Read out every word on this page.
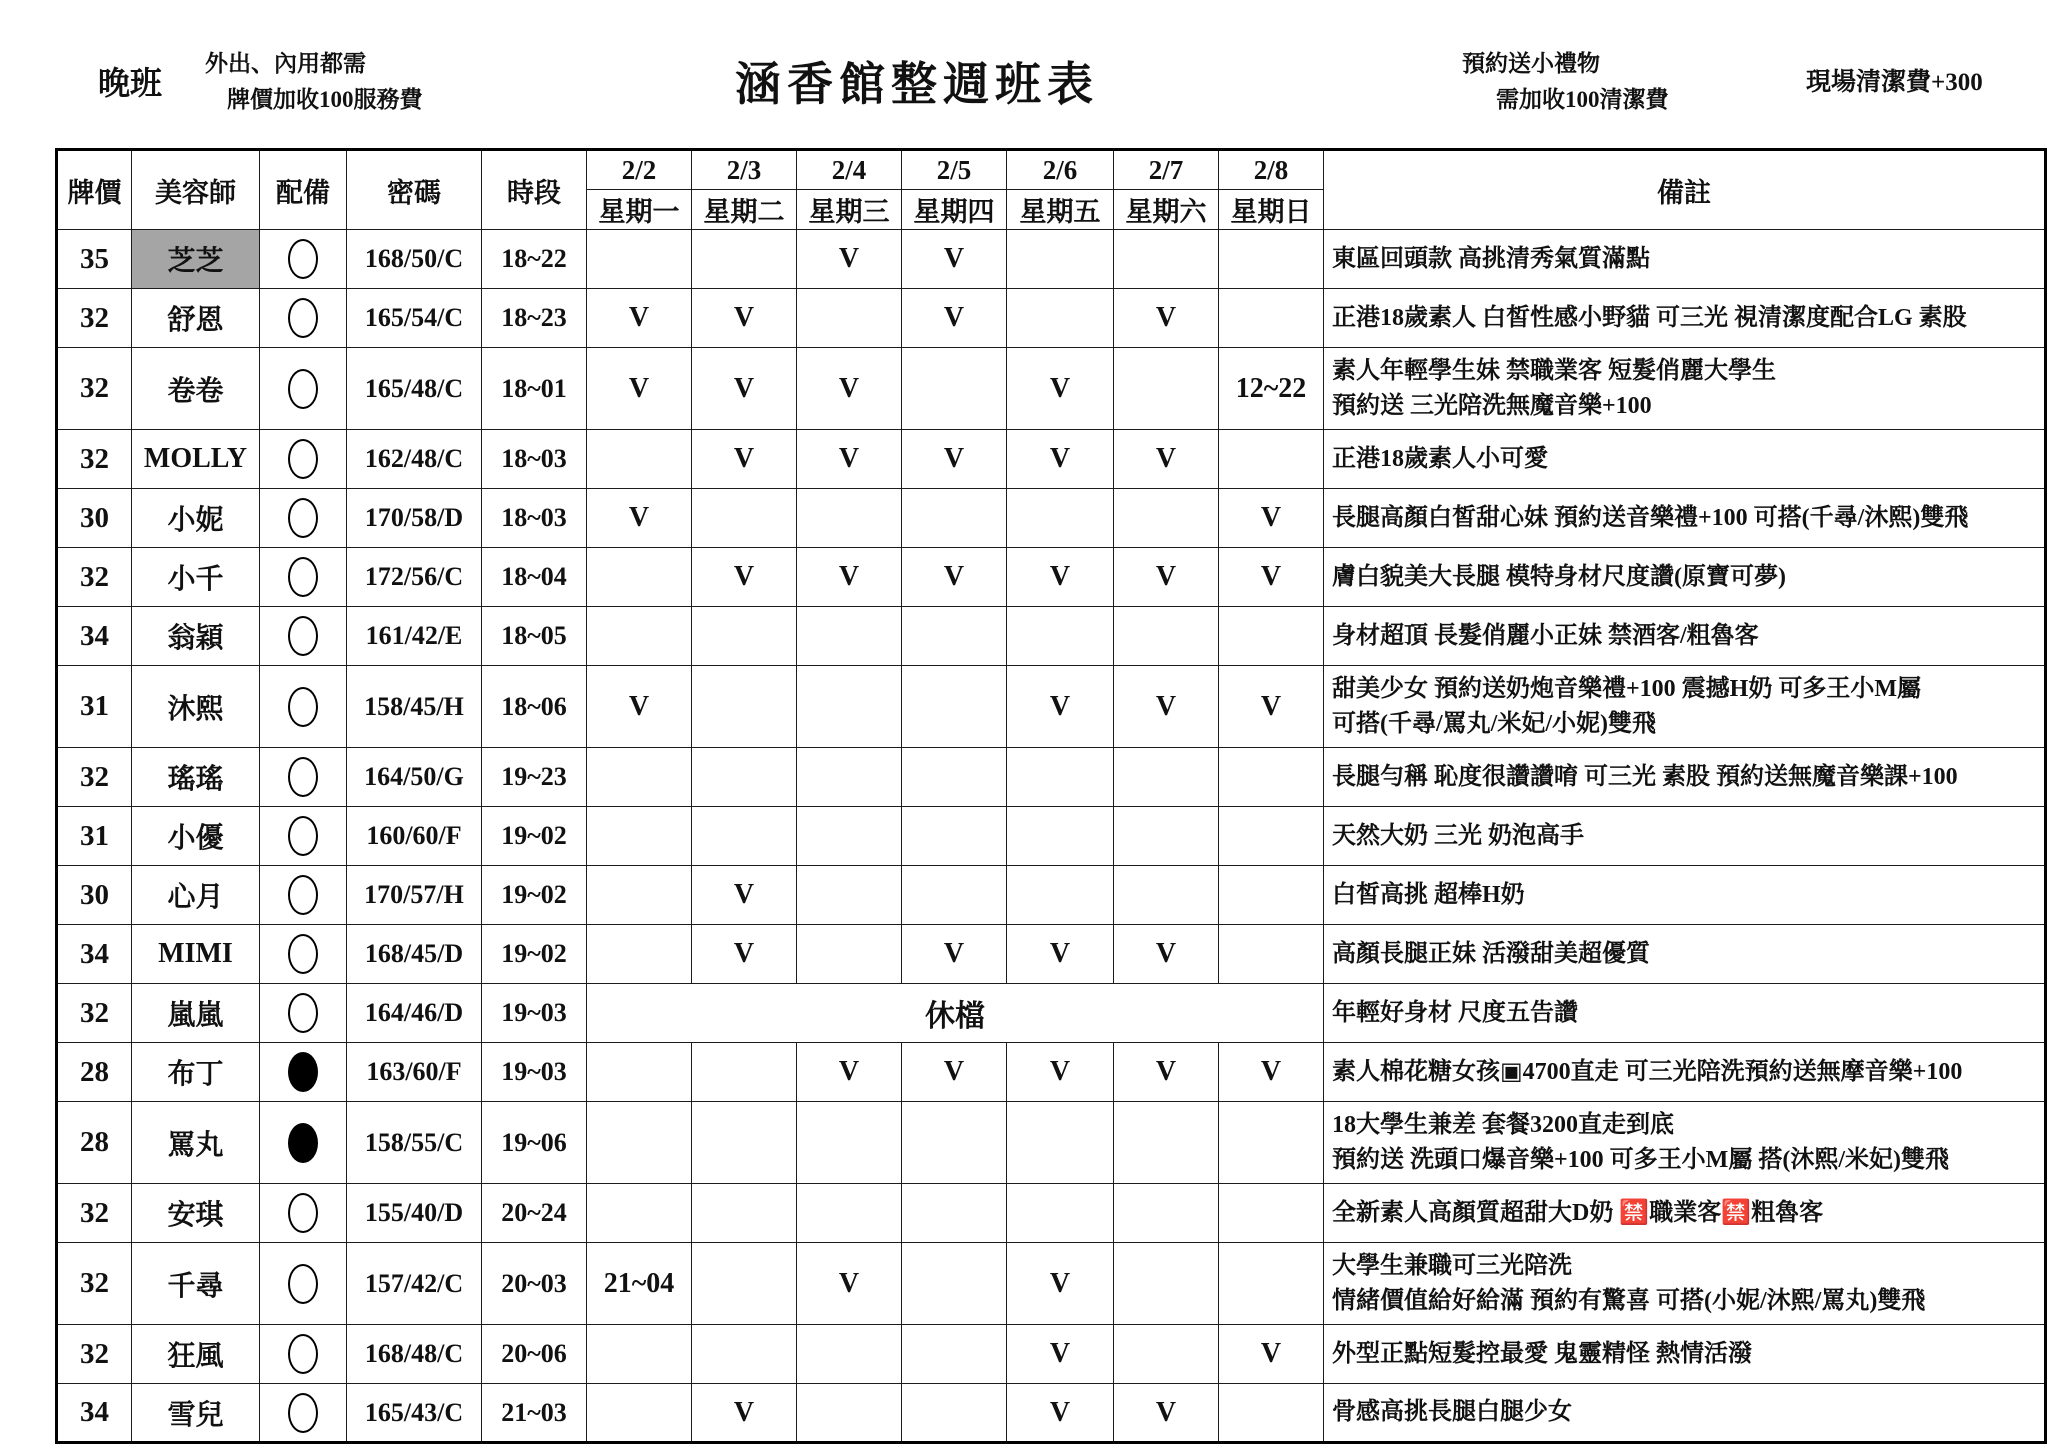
晚班
外出、內用都需
牌價加收100服務費	涵香館整週班表	預約送小禮物
需加收100清潔費
現場清潔費+300
牌價	美容師	配備	密碼	時段	2/2	2/3	2/4	2/5	2/6	2/7	2/8	備註
					星期一	星期二	星期三	星期四	星期五	星期六	星期日	
35	芝芝		168/50/C	18~22			V	V				東區回頭款 高挑清秀氣質滿點

32	舒恩		165/54/C	18~23	V	V		V		V		正港18歲素人 白皙性感小野貓 可三光 視清潔度配合LG 素股

32	卷卷		165/48/C	18~01	V	V	V		V		12~22	素人年輕學生妹 禁職業客 短髮俏麗大學生
預約送 三光陪洗無魔音樂+100

32	MOLLY		162/48/C	18~03		V	V	V	V	V		正港18歲素人小可愛

30	小妮		170/58/D	18~03	V						V	長腿高顏白皙甜心妹 預約送音樂禮+100 可搭(千尋/沐熙)雙飛

32	小千		172/56/C	18~04		V	V	V	V	V	V	膚白貌美大長腿 模特身材尺度讚(原寶可夢)

34	翁穎		161/42/E	18~05								身材超頂 長髮俏麗小正妹 禁酒客/粗魯客

31	沐熙		158/45/H	18~06	V				V	V	V	甜美少女 預約送奶炮音樂禮+100 震撼H奶 可多王小M屬
可搭(千尋/罵丸/米妃/小妮)雙飛

32	瑤瑤		164/50/G	19~23								長腿勻稱 恥度很讚讚唷 可三光 素股 預約送無魔音樂課+100

31	小優		160/60/F	19~02								天然大奶 三光 奶泡高手

30	心月		170/57/H	19~02		V						白皙高挑 超棒H奶

34	MIMI		168/45/D	19~02		V		V	V	V		高顏長腿正妹 活潑甜美超優質

32	嵐嵐		164/46/D	19~03	休檔							年輕好身材 尺度五告讚

28	布丁		163/60/F	19~03			V	V	V	V	V	素人棉花糖女孩▣4700直走 可三光陪洗預約送無摩音樂+100

28	罵丸		158/55/C	19~06								18大學生兼差 套餐3200直走到底
預約送 洗頭口爆音樂+100 可多王小M屬 搭(沐熙/米妃)雙飛

32	安琪		155/40/D	20~24								全新素人高顏質超甜大D奶 🈲職業客🈲粗魯客

32	千尋		157/42/C	20~03	21~04		V		V			大學生兼職可三光陪洗
情緒價值給好給滿 預約有驚喜 可搭(小妮/沐熙/罵丸)雙飛

32	狂風		168/48/C	20~06					V		V	外型正點短髮控最愛 鬼靈精怪 熱情活潑

34	雪兒		165/43/C	21~03		V			V	V		骨感高挑長腿白腿少女
